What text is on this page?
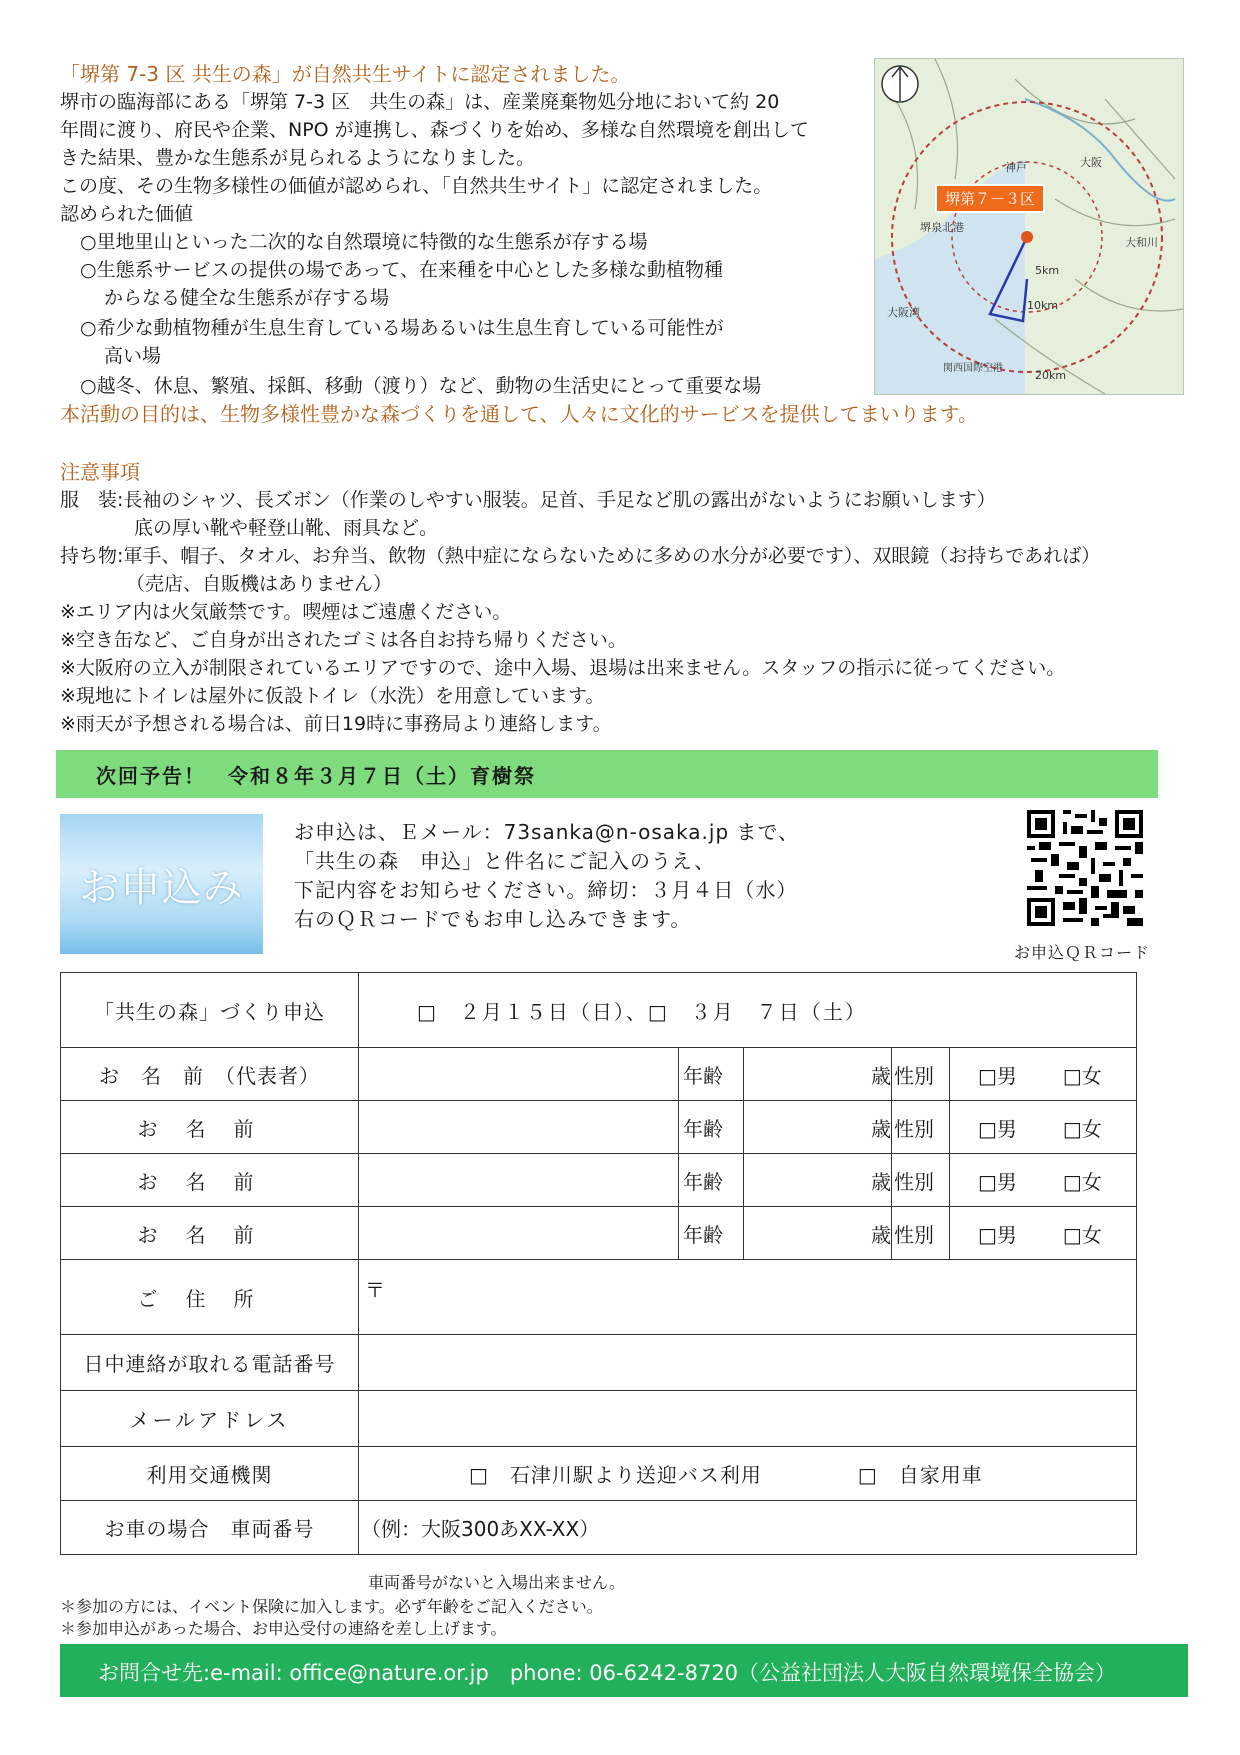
「堺第 7-3 区 共生の森」が自然共生サイトに認定されました。
堺市の臨海部にある「堺第 7-3 区　共生の森」は、産業廃棄物処分地において約 20
年間に渡り、府民や企業、NPO が連携し、森づくりを始め、多様な自然環境を創出して
きた結果、豊かな生態系が見られるようになりました。
この度、その生物多様性の価値が認められ、「自然共生サイト」に認定されました。
認められた価値
○里地里山といった二次的な自然環境に特徴的な生態系が存する場
○生態系サービスの提供の場であって、在来種を中心とした多様な動植物種
からなる健全な生態系が存する場
○希少な動植物種が生息生育している場あるいは生息生育している可能性が
高い場
○越冬、休息、繁殖、採餌、移動（渡り）など、動物の生活史にとって重要な場
本活動の目的は、生物多様性豊かな森づくりを通して、人々に文化的サービスを提供してまいります。
堺第７－３区
大阪
神戸
堺泉北港
大阪湾
関西国際空港
大和川
5km
10km
20km
注意事項
服　装:長袖のシャツ、長ズボン（作業のしやすい服装。足首、手足など肌の露出がないようにお願いします）
底の厚い靴や軽登山靴、雨具など。
持ち物:軍手、帽子、タオル、お弁当、飲物（熱中症にならないために多めの水分が必要です）、双眼鏡（お持ちであれば）
（売店、自販機はありません）
※エリア内は火気厳禁です。喫煙はご遠慮ください。
※空き缶など、ご自身が出されたゴミは各自お持ち帰りください。
※大阪府の立入が制限されているエリアですので、途中入場、退場は出来ません。スタッフの指示に従ってください。
※現地にトイレは屋外に仮設トイレ（水洗）を用意しています。
※雨天が予想される場合は、前日19時に事務局より連絡します。
次回予告！　令和８年３月７日（土）育樹祭
お申込み
お申込は、Ｅメール：73sanka@n-osaka.jp まで、
「共生の森　申込」と件名にご記入のうえ、
下記内容をお知らせください。締切：３月４日（水）
右のＱＲコードでもお申し込みできます。
お申込ＱＲコード
「共生の森」づくり申込	□　２月１５日（日）、□　３月　７日（土）				
お　名　前　（代表者）		年齢	歳	性別	□男 □女
お名前		年齢	歳	性別	□男 □女
お名前		年齢	歳	性別	□男 □女
お名前		年齢	歳	性別	□男 □女
ご住所	〒				
日中連絡が取れる電話番号					
メールアドレス					
利用交通機関	□　石津川駅より送迎バス利用 □　自家用車				
お車の場合　車両番号	（例：大阪300あXX-XX）				
車両番号がないと入場出来ません。
＊参加の方には、イベント保険に加入します。必ず年齢をご記入ください。
＊参加申込があった場合、お申込受付の連絡を差し上げます。
お問合せ先:e-mail: office@nature.or.jp　phone: 06-6242-8720（公益社団法人大阪自然環境保全協会）
